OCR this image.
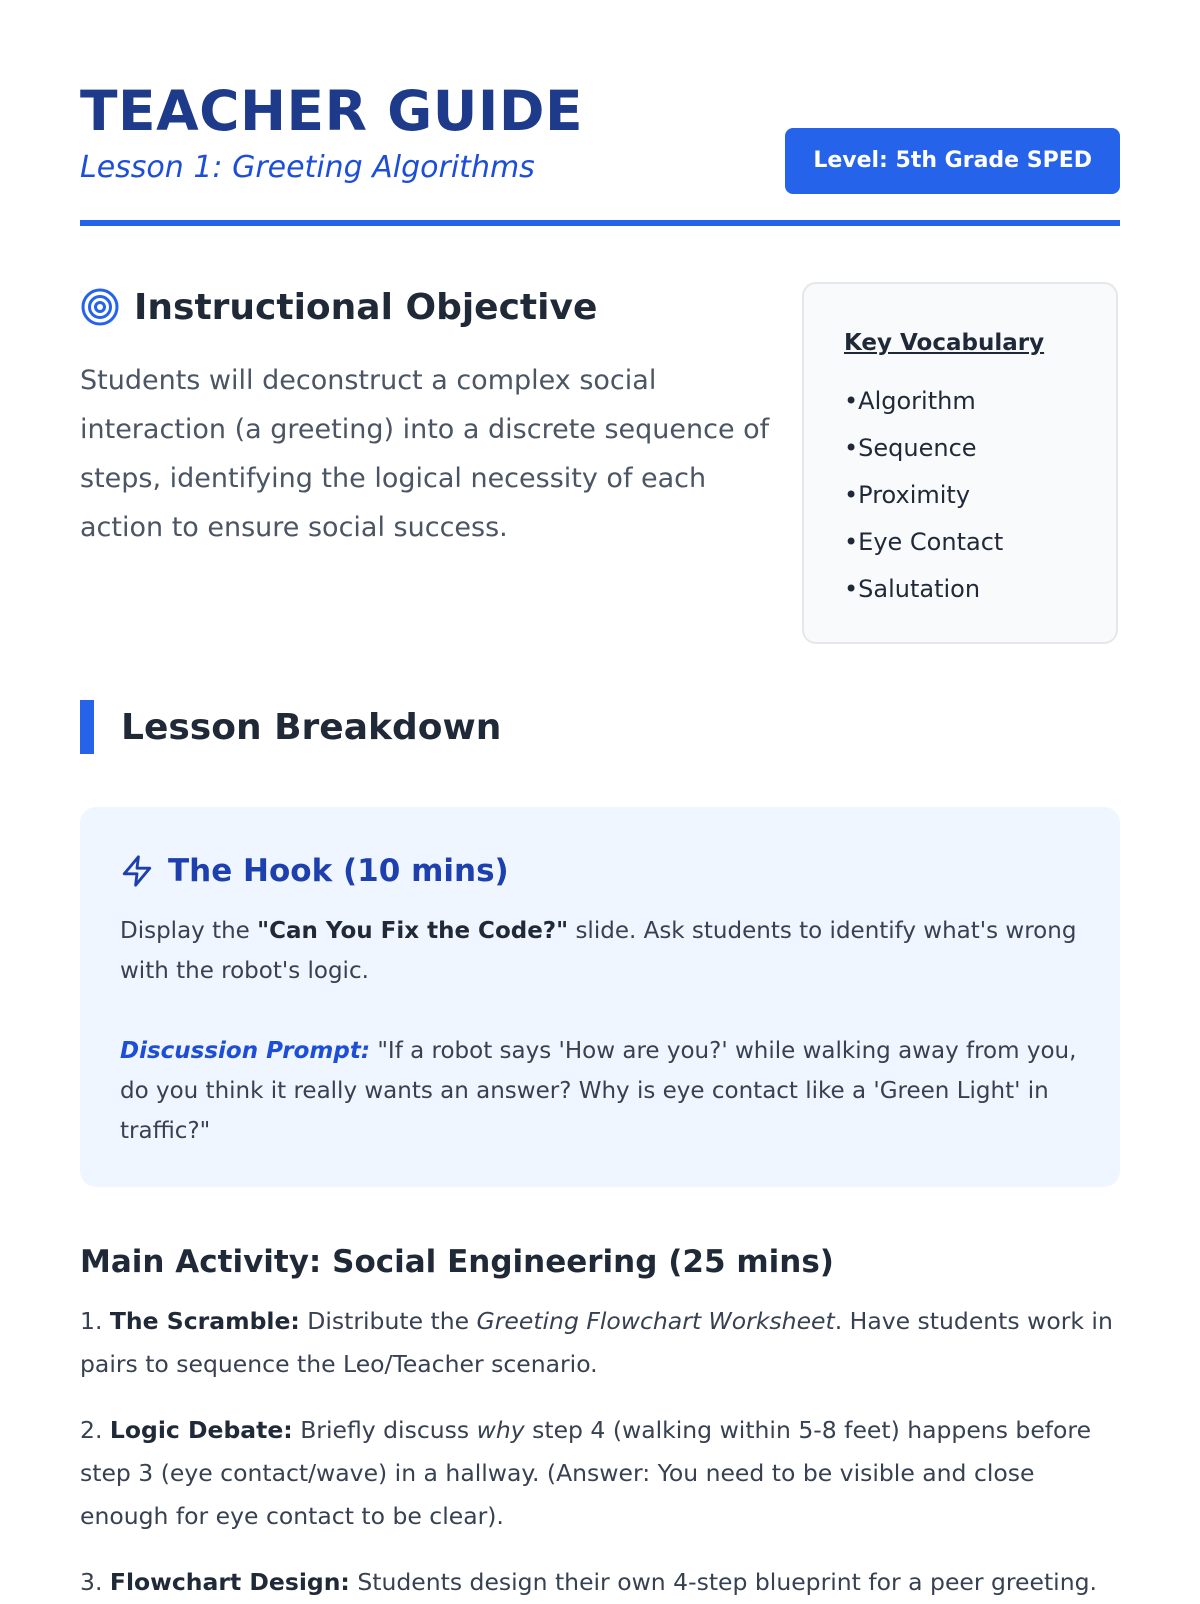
TEACHER GUIDE
Lesson 1: Greeting Algorithms	Level: 5th Grade SPED
Instructional Objective
Students will deconstruct a complex social interaction (a greeting) into a discrete sequence of steps, identifying the logical necessity of each action to ensure social success.
Key Vocabulary
• Algorithm
• Sequence
• Proximity
• Eye Contact
• Salutation
Lesson Breakdown
The Hook (10 mins)
Display the "Can You Fix the Code?" slide. Ask students to identify what's wrong with the robot's logic.
Discussion Prompt: "If a robot says 'How are you?' while walking away from you, do you think it really wants an answer? Why is eye contact like a 'Green Light' in traffic?"
Main Activity: Social Engineering (25 mins)
1. The Scramble: Distribute the Greeting Flowchart Worksheet. Have students work in pairs to sequence the Leo/Teacher scenario.
2. Logic Debate: Briefly discuss why step 4 (walking within 5-8 feet) happens before step 3 (eye contact/wave) in a hallway. (Answer: You need to be visible and close enough for eye contact to be clear).
3. Flowchart Design: Students design their own 4-step blueprint for a peer greeting.
